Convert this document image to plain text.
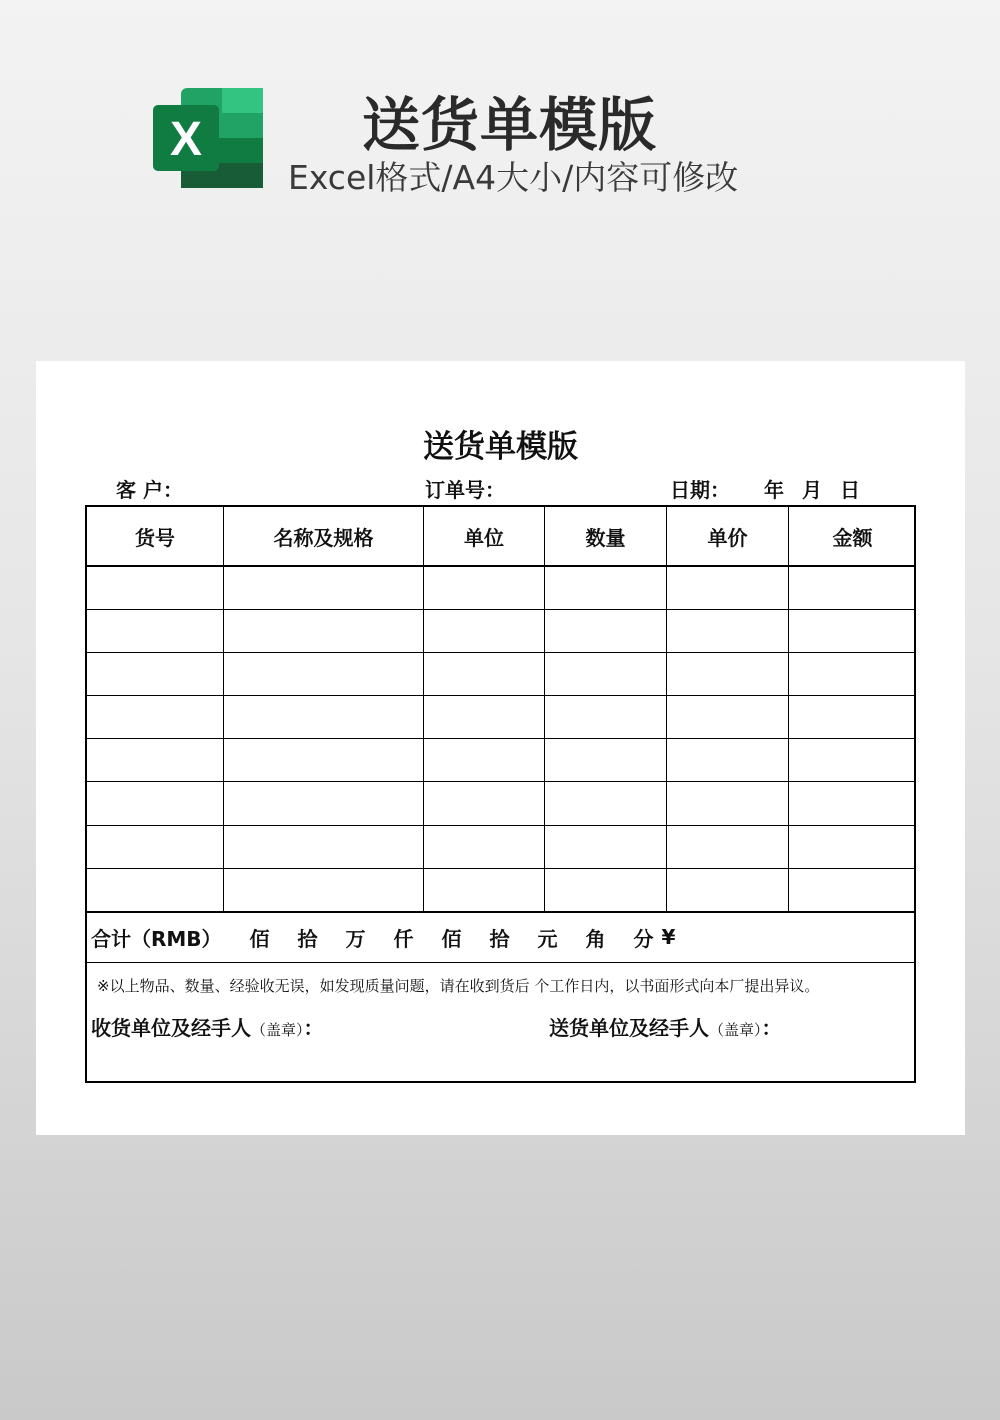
X	送货单模版
Excel格式/A4大小/内容可修改
送货单模版
客 户：	订单号：	日期： 年 月 日
货号	名称及规格	单位	数量	单价	金额
合计（RMB） 佰 拾 万 仟 佰 拾 元 角 分 ¥
※以上物品、数量、经验收无误，如发现质量问题，请在收到货后 个工作日内，以书面形式向本厂提出异议。
收货单位及经手人（盖章）：	送货单位及经手人（盖章）：
